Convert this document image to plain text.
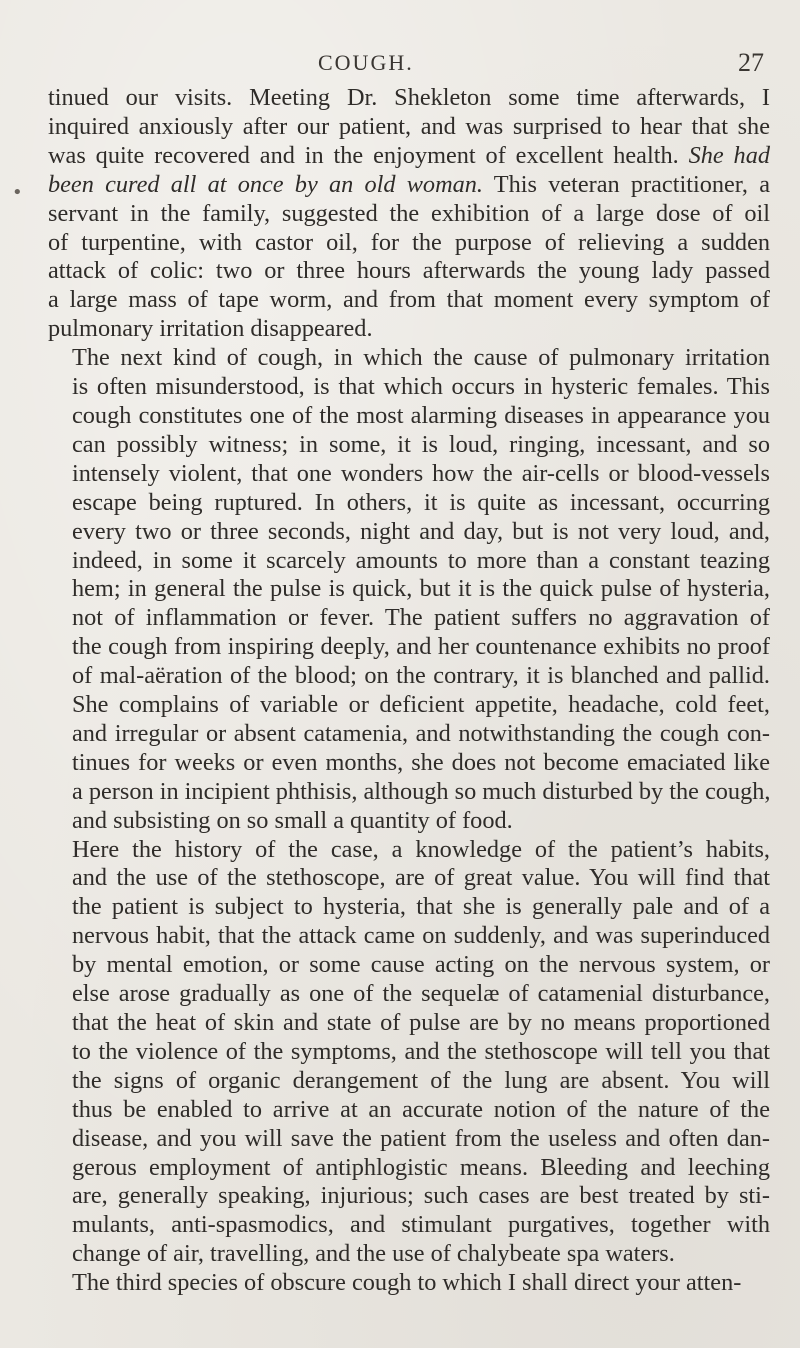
COUGH.	27
•

tinued our visits. Meeting Dr. Shekleton some time afterwards, I
inquired anxiously after our patient, and was surprised to hear that she
was quite recovered and in the enjoyment of excellent health. She had
been cured all at once by an old woman. This veteran practitioner, a
servant in the family, suggested the exhibition of a large dose of oil
of turpentine, with castor oil, for the purpose of relieving a sudden
attack of colic: two or three hours afterwards the young lady passed
a large mass of tape worm, and from that moment every symptom of
pulmonary irritation disappeared.

The next kind of cough, in which the cause of pulmonary irritation
is often misunderstood, is that which occurs in hysteric females. This
cough constitutes one of the most alarming diseases in appearance you
can possibly witness; in some, it is loud, ringing, incessant, and so
intensely violent, that one wonders how the air-cells or blood-vessels
escape being ruptured. In others, it is quite as incessant, occurring
every two or three seconds, night and day, but is not very loud, and,
indeed, in some it scarcely amounts to more than a constant teazing
hem; in general the pulse is quick, but it is the quick pulse of hysteria,
not of inflammation or fever. The patient suffers no aggravation of
the cough from inspiring deeply, and her countenance exhibits no proof
of mal-aëration of the blood; on the contrary, it is blanched and pallid.
She complains of variable or deficient appetite, headache, cold feet,
and irregular or absent catamenia, and notwithstanding the cough con-
tinues for weeks or even months, she does not become emaciated like
a person in incipient phthisis, although so much disturbed by the cough,
and subsisting on so small a quantity of food.

Here the history of the case, a knowledge of the patient’s habits,
and the use of the stethoscope, are of great value. You will find that
the patient is subject to hysteria, that she is generally pale and of a
nervous habit, that the attack came on suddenly, and was superinduced
by mental emotion, or some cause acting on the nervous system, or
else arose gradually as one of the sequelæ of catamenial disturbance,
that the heat of skin and state of pulse are by no means proportioned
to the violence of the symptoms, and the stethoscope will tell you that
the signs of organic derangement of the lung are absent. You will
thus be enabled to arrive at an accurate notion of the nature of the
disease, and you will save the patient from the useless and often dan-
gerous employment of antiphlogistic means. Bleeding and leeching
are, generally speaking, injurious; such cases are best treated by sti-
mulants, anti-spasmodics, and stimulant purgatives, together with
change of air, travelling, and the use of chalybeate spa waters.

The third species of obscure cough to which I shall direct your atten-
